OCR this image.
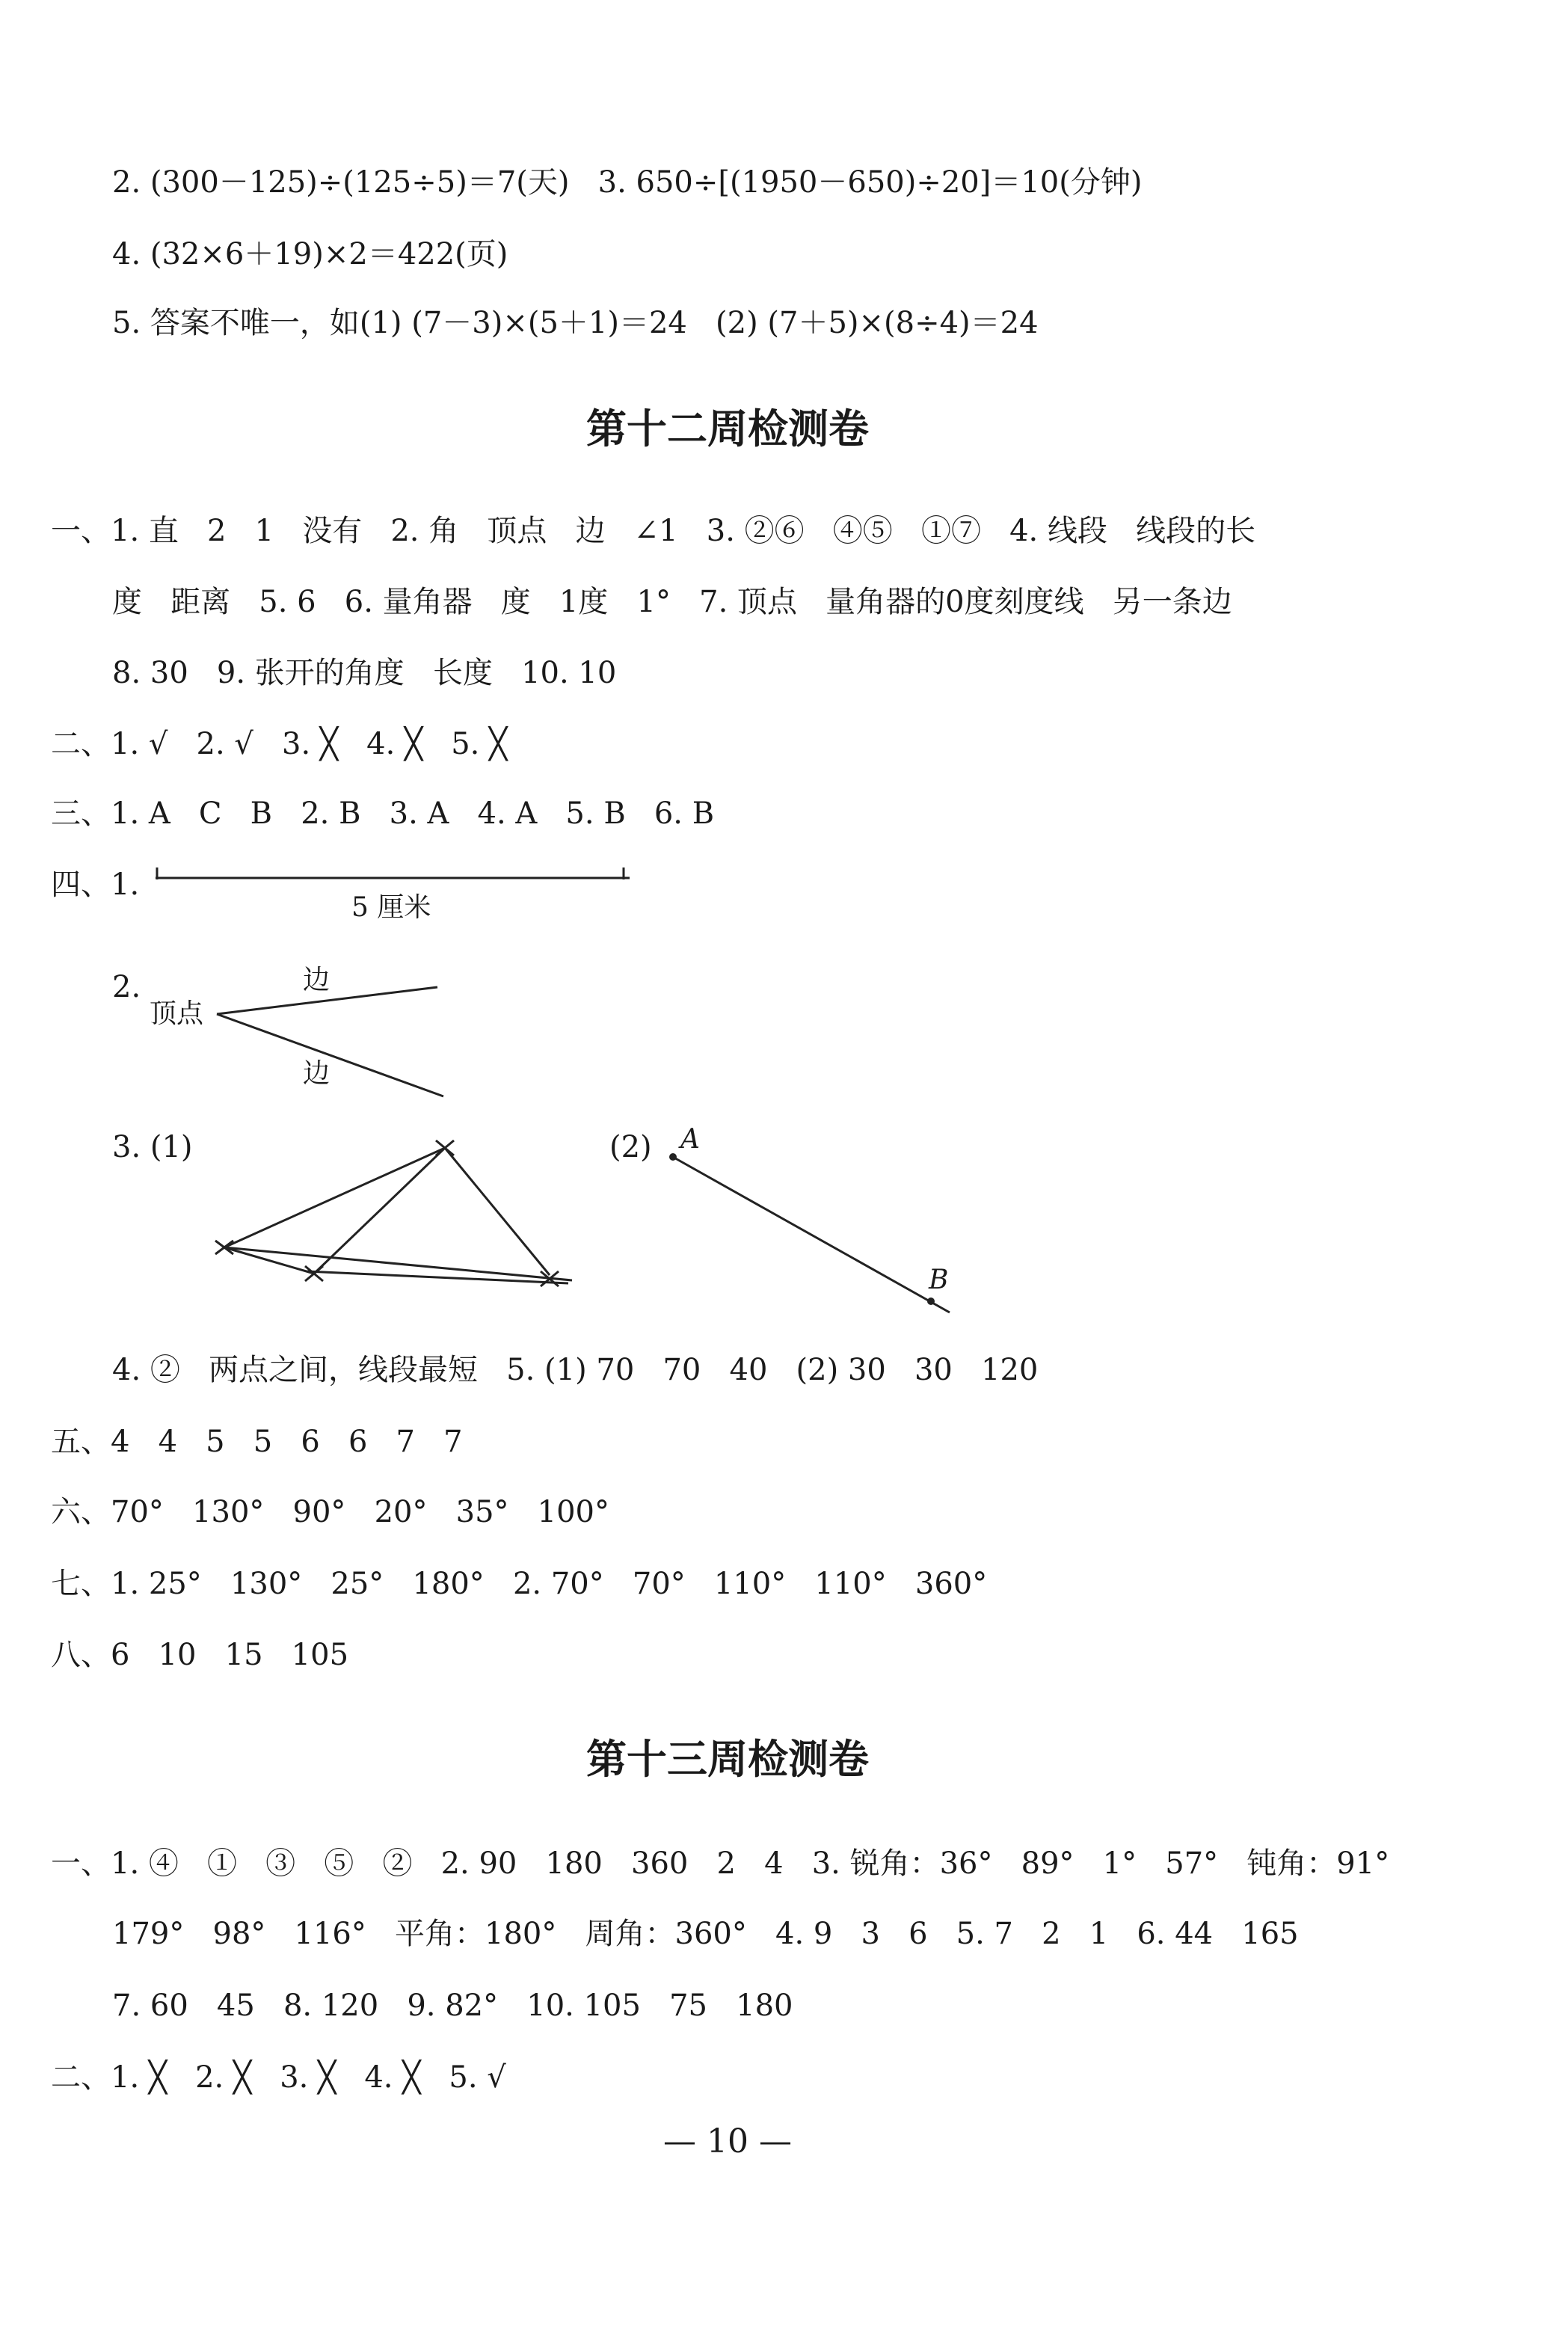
2. (300－125)÷(125÷5)＝7(天)   3. 650÷[(1950－650)÷20]＝10(分钟)
4. (32×6＋19)×2＝422(页)
5. 答案不唯一，如(1) (7－3)×(5＋1)＝24   (2) (7＋5)×(8÷4)＝24
第十二周检测卷
一、1. 直   2   1   没有   2. 角   顶点   边   ∠1   3. ②⑥   ④⑤   ①⑦   4. 线段   线段的长
度   距离   5. 6   6. 量角器   度   1度   1°   7. 顶点   量角器的0度刻度线   另一条边
8. 30   9. 张开的角度   长度   10. 10
二、1. √   2. √   3. ╳   4. ╳   5. ╳
三、1. A   C   B   2. B   3. A   4. A   5. B   6. B
四、1.
5 厘米
2.
顶点
边
边
3. (1)	(2) A
B
4. ②   两点之间，线段最短   5. (1) 70   70   40   (2) 30   30   120
五、4   4   5   5   6   6   7   7
六、70°   130°   90°   20°   35°   100°
七、1. 25°   130°   25°   180°   2. 70°   70°   110°   110°   360°
八、6   10   15   105
第十三周检测卷
一、1. ④   ①   ③   ⑤   ②   2. 90   180   360   2   4   3. 锐角：36°   89°   1°   57°   钝角：91°
179°   98°   116°   平角：180°   周角：360°   4. 9   3   6   5. 7   2   1   6. 44   165
7. 60   45   8. 120   9. 82°   10. 105   75   180
二、1. ╳   2. ╳   3. ╳   4. ╳   5. √
— 10 —
